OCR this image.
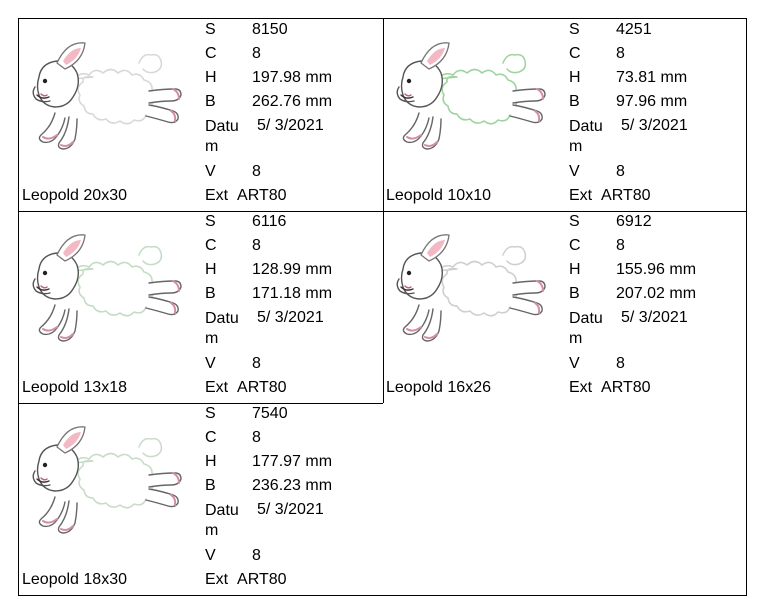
Leopold 20x30
S 8150
C 8
H 197.98 mm
B 262.76 mm
V 8
Datu
m
5/ 3/2021
Ext ART80	Leopold 10x10
S 4251
C 8
H 73.81 mm
B 97.96 mm
V 8
Datu
m
5/ 3/2021
Ext ART80
Leopold 13x18
S 6116
C 8
H 128.99 mm
B 171.18 mm
V 8
Datu
m
5/ 3/2021
Ext ART80	Leopold 16x26
S 6912
C 8
H 155.96 mm
B 207.02 mm
V 8
Datu
m
5/ 3/2021
Ext ART80
Leopold 18x30
S 7540
C 8
H 177.97 mm
B 236.23 mm
V 8
Datu
m
5/ 3/2021
Ext ART80
